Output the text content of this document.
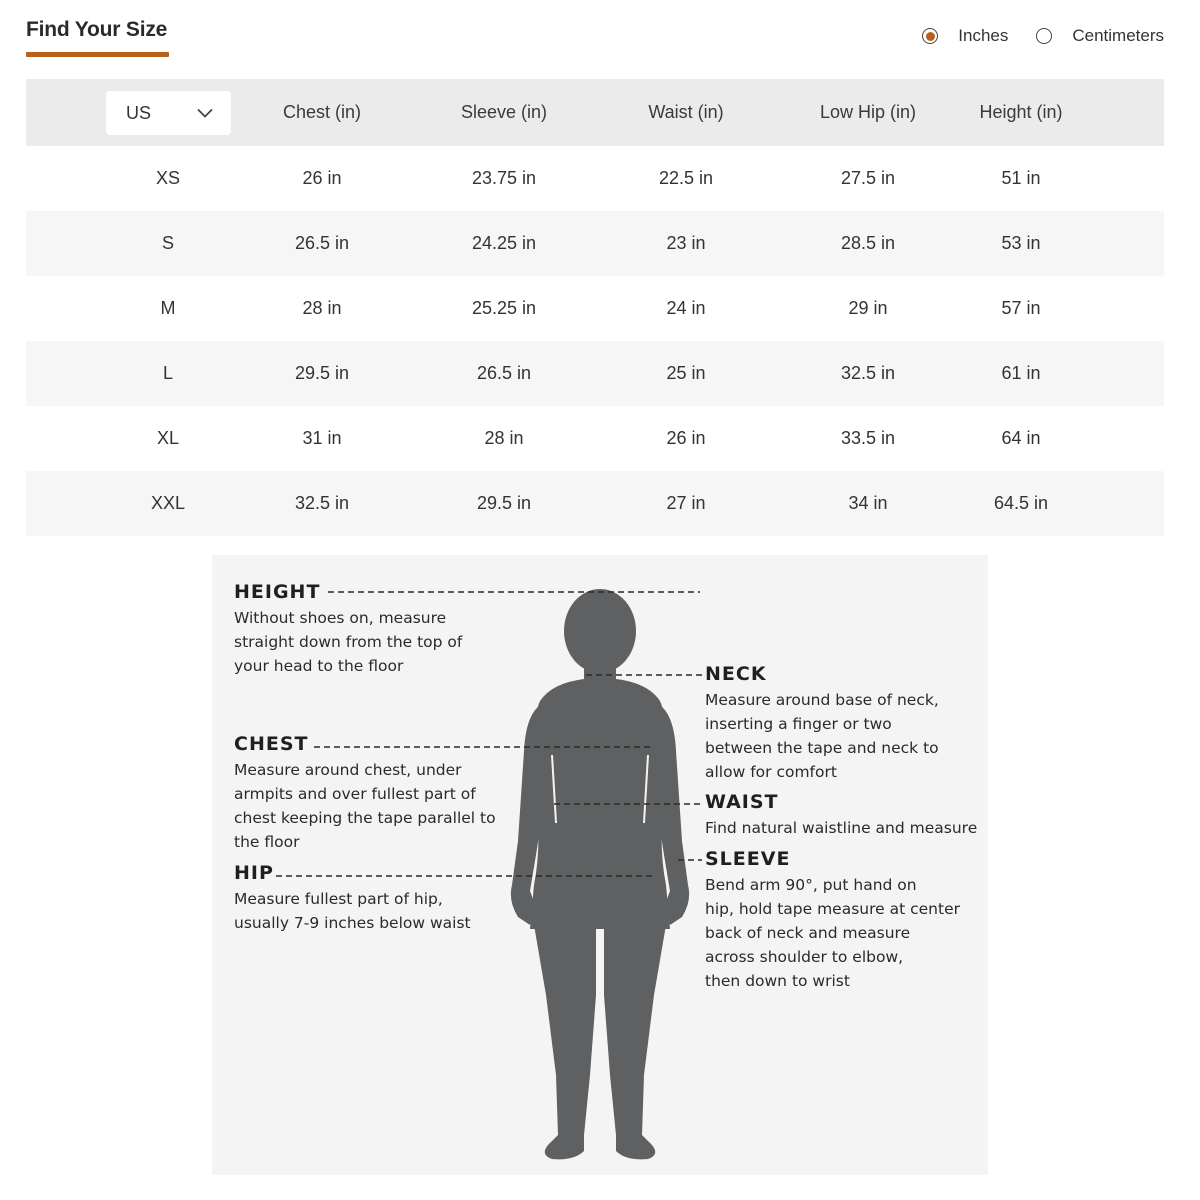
Find Your Size	Inches	Centimeters
US	Chest (in)	Sleeve (in)	Waist (in)	Low Hip (in)	Height (in)
XS	26 in	23.75 in	22.5 in	27.5 in	51 in
S	26.5 in	24.25 in	23 in	28.5 in	53 in
M	28 in	25.25 in	24 in	29 in	57 in
L	29.5 in	26.5 in	25 in	32.5 in	61 in
XL	31 in	28 in	26 in	33.5 in	64 in
XXL	32.5 in	29.5 in	27 in	34 in	64.5 in
HEIGHT
Without shoes on, measure
straight down from the top of
your head to the floor
CHEST
Measure around chest, under
armpits and over fullest part of
chest keeping the tape parallel to
the floor
HIP
Measure fullest part of hip,
usually 7-9 inches below waist
NECK
Measure around base of neck,
inserting a finger or two
between the tape and neck to
allow for comfort
WAIST
Find natural waistline and measure
SLEEVE
Bend arm 90°, put hand on
hip, hold tape measure at center
back of neck and measure
across shoulder to elbow,
then down to wrist
